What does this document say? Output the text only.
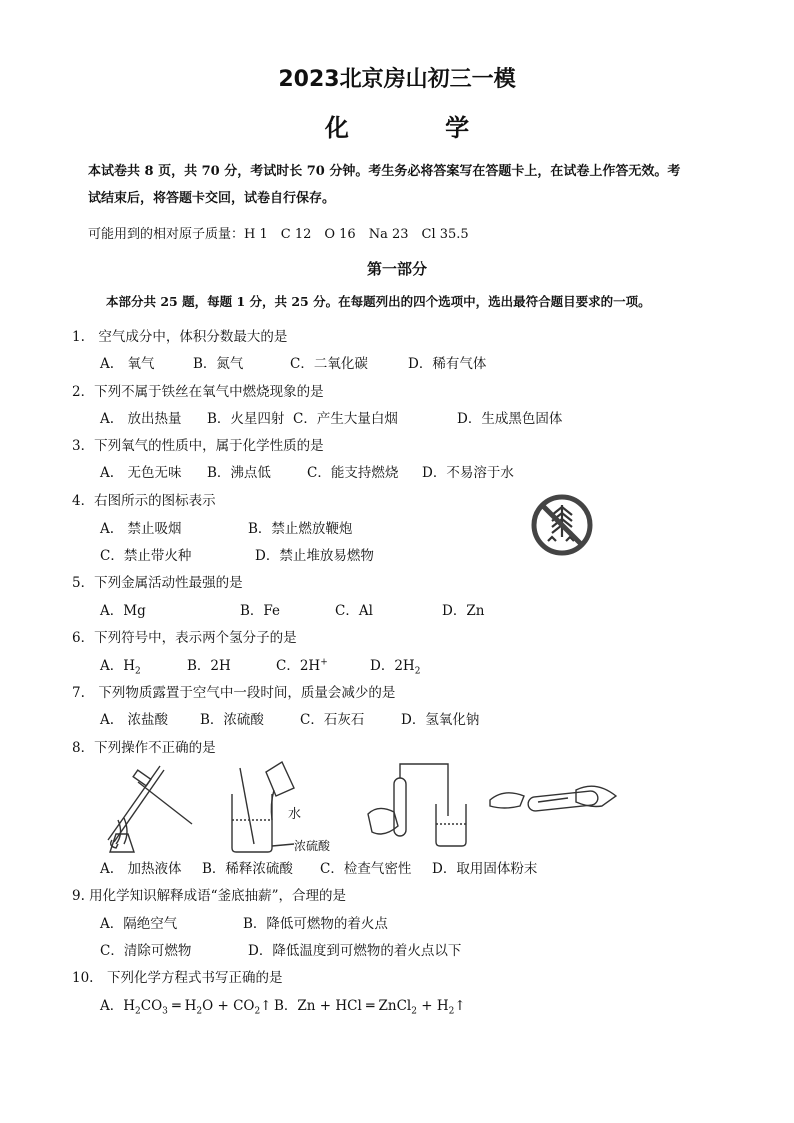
2023北京房山初三一模
化 学
本试卷共 8 页，共 70 分，考试时长 70 分钟。考生务必将答案写在答题卡上，在试卷上作答无效。考
试结束后，将答题卡交回，试卷自行保存。
可能用到的相对原子质量：H 1　C 12　O 16　Na 23　Cl 35.5
第一部分
本部分共 25 题，每题 1 分，共 25 分。在每题列出的四个选项中，选出最符合题目要求的一项。
1.　空气成分中，体积分数最大的是
A.　氧气	B．氮气	C．二氧化碳	D．稀有气体
2．下列不属于铁丝在氧气中燃烧现象的是
A.　放出热量 B．火星四射 C．产生大量白烟	D．生成黑色固体
3．下列氧气的性质中，属于化学性质的是
A.　无色无味 B．沸点低	C．能支持燃烧 D．不易溶于水
4．右图所示的图标表示
A.　禁止吸烟	B．禁止燃放鞭炮
C．禁止带火种	D．禁止堆放易燃物
5．下列金属活动性最强的是
A．Mg	B．Fe	C．Al	D．Zn
6．下列符号中，表示两个氢分子的是
A．$H_2$	B．2H	C．2H+	D．$2H_2$
7.　下列物质露置于空气中一段时间，质量会减少的是
A.　浓盐酸 B．浓硫酸	C．石灰石	D．氢氧化钠
8．下列操作不正确的是
水
浓硫酸
A.　加热液体 B．稀释浓硫酸 C．检查气密性 D．取用固体粉末
9. 用化学知识解释成语“釜底抽薪”，合理的是
A．隔绝空气	B．降低可燃物的着火点
C．清除可燃物	D．降低温度到可燃物的着火点以下
10.　下列化学方程式书写正确的是
A．$H_2CO_3$ ═ $H_2O$ + $CO_2↑$ B．Zn + HCl ═ ZnCl$_2$ + $H_2↑$
